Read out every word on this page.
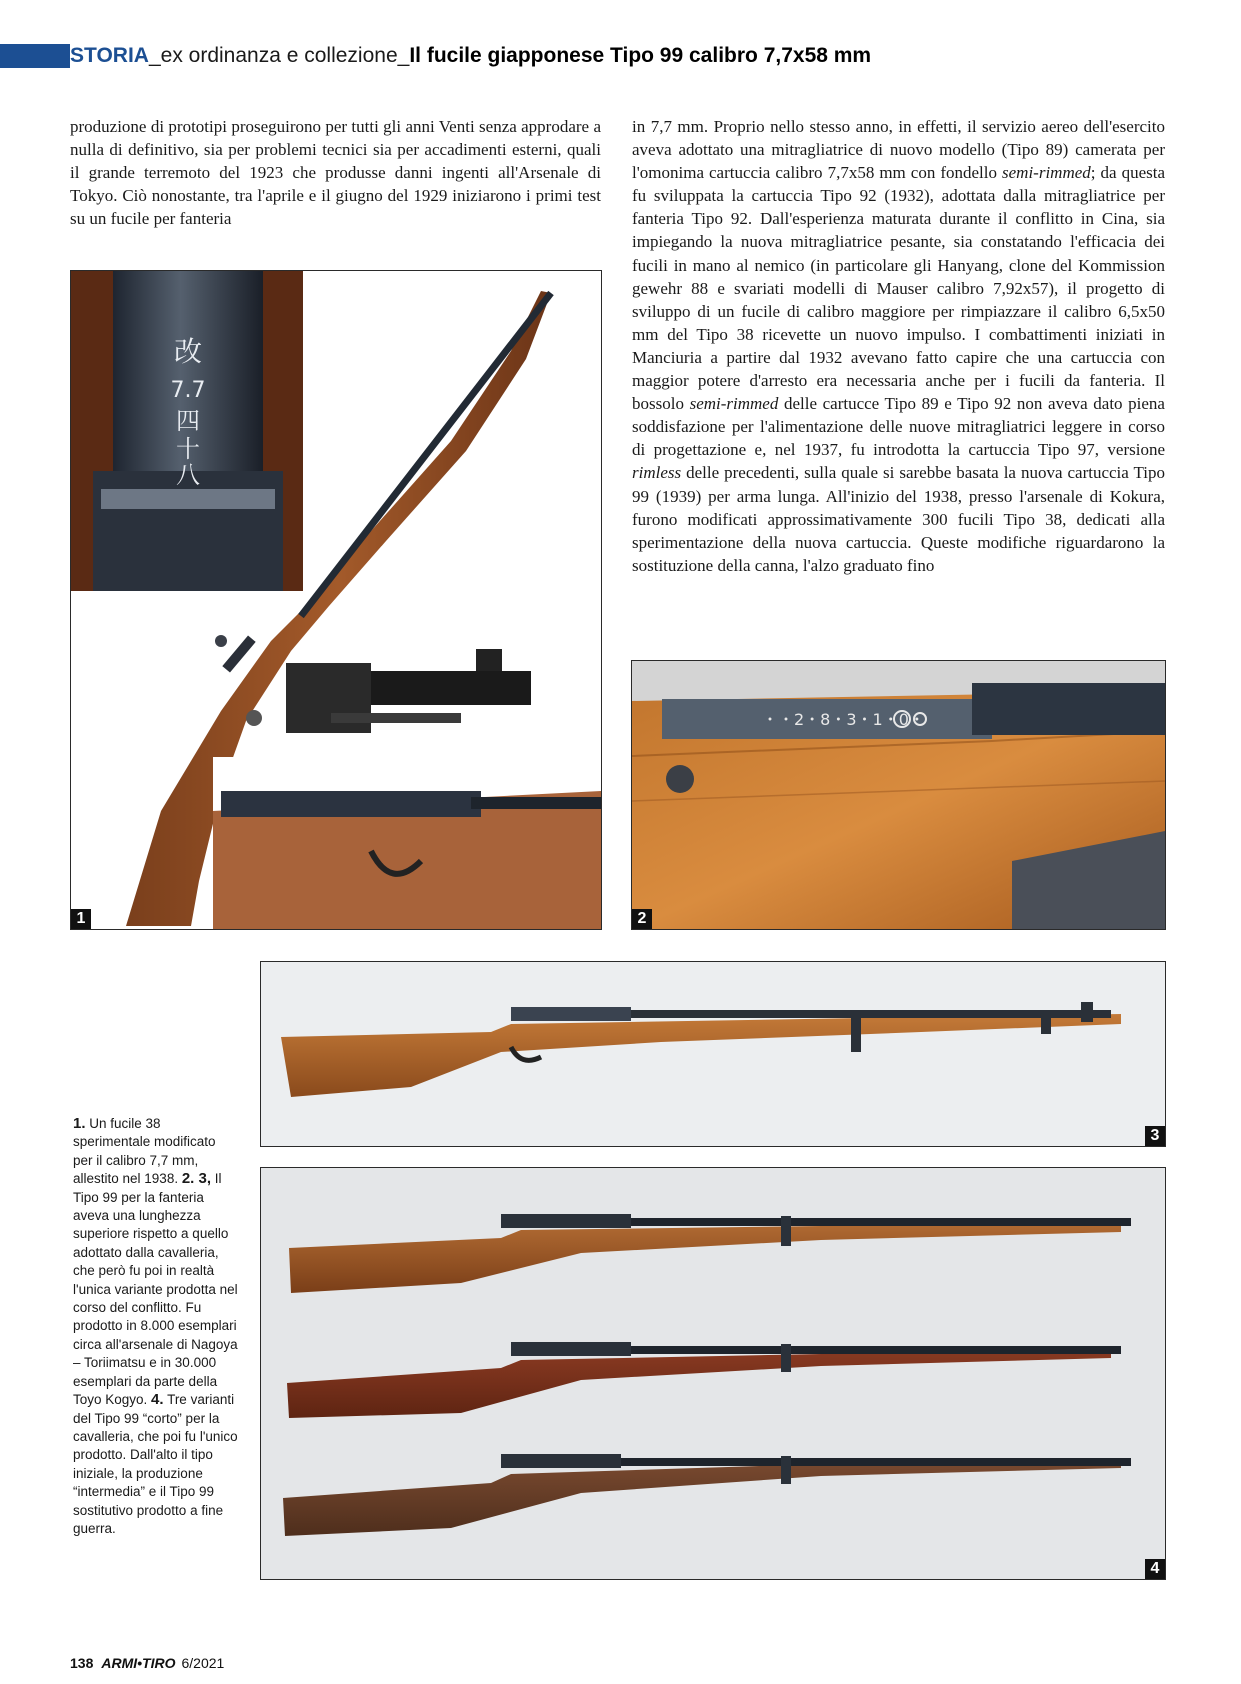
STORIA_ex ordinanza e collezione_Il fucile giapponese Tipo 99 calibro 7,7x58 mm

produzione di prototipi proseguirono per tutti gli anni Venti senza approdare a nulla di definitivo, sia per problemi tecnici sia per accadimenti esterni, quali il grande terremoto del 1923 che produsse danni ingenti all'Arsenale di Tokyo. Ciò nonostante, tra l'aprile e il giugno del 1929 iniziarono i primi test su un fucile per fanteria

in 7,7 mm. Proprio nello stesso anno, in effetti, il servizio aereo dell'esercito aveva adottato una mitragliatrice di nuovo modello (Tipo 89) camerata per l'omonima cartuccia calibro 7,7x58 mm con fondello semi-rimmed; da questa fu sviluppata la cartuccia Tipo 92 (1932), adottata dalla mitragliatrice per fanteria Tipo 92. Dall'esperienza maturata durante il conflitto in Cina, sia impiegando la nuova mitragliatrice pesante, sia constatando l'efficacia dei fucili in mano al nemico (in particolare gli Hanyang, clone del Kommission gewehr 88 e svariati modelli di Mauser calibro 7,92x57), il progetto di sviluppo di un fucile di calibro maggiore per rimpiazzare il calibro 6,5x50 mm del Tipo 38 ricevette un nuovo impulso. I combattimenti iniziati in Manciuria a partire dal 1932 avevano fatto capire che una cartuccia con maggior potere d'arresto era necessaria anche per i fucili da fanteria. Il bossolo semi-rimmed delle cartucce Tipo 89 e Tipo 92 non aveva dato piena soddisfazione per l'alimentazione delle nuove mitragliatrici leggere in corso di progettazione e, nel 1937, fu introdotta la cartuccia Tipo 97, versione rimless delle precedenti, sulla quale si sarebbe basata la nuova cartuccia Tipo 99 (1939) per arma lunga. All'inizio del 1938, presso l'arsenale di Kokura, furono modificati approssimativamente 300 fucili Tipo 38, dedicati alla sperimentazione della nuova cartuccia. Queste modifiche riguardarono la sostituzione della canna, l'alzo graduato fino

改
7.7
四
十
八
1
・・2・8・3・1・0・
2
3
4
1. Un fucile 38 sperimentale modificato per il calibro 7,7 mm, allestito nel 1938. 2. 3, Il Tipo 99 per la fanteria aveva una lunghezza superiore rispetto a quello adottato dalla cavalleria, che però fu poi in realtà l'unica variante prodotta nel corso del conflitto. Fu prodotto in 8.000 esemplari circa all'arsenale di Nagoya – Toriimatsu e in 30.000 esemplari da parte della Toyo Kogyo. 4. Tre varianti del Tipo 99 “corto” per la cavalleria, che poi fu l'unico prodotto. Dall'alto il tipo iniziale, la produzione “intermedia” e il Tipo 99 sostitutivo prodotto a fine guerra.
138 ARMI•TIRO 6/2021
